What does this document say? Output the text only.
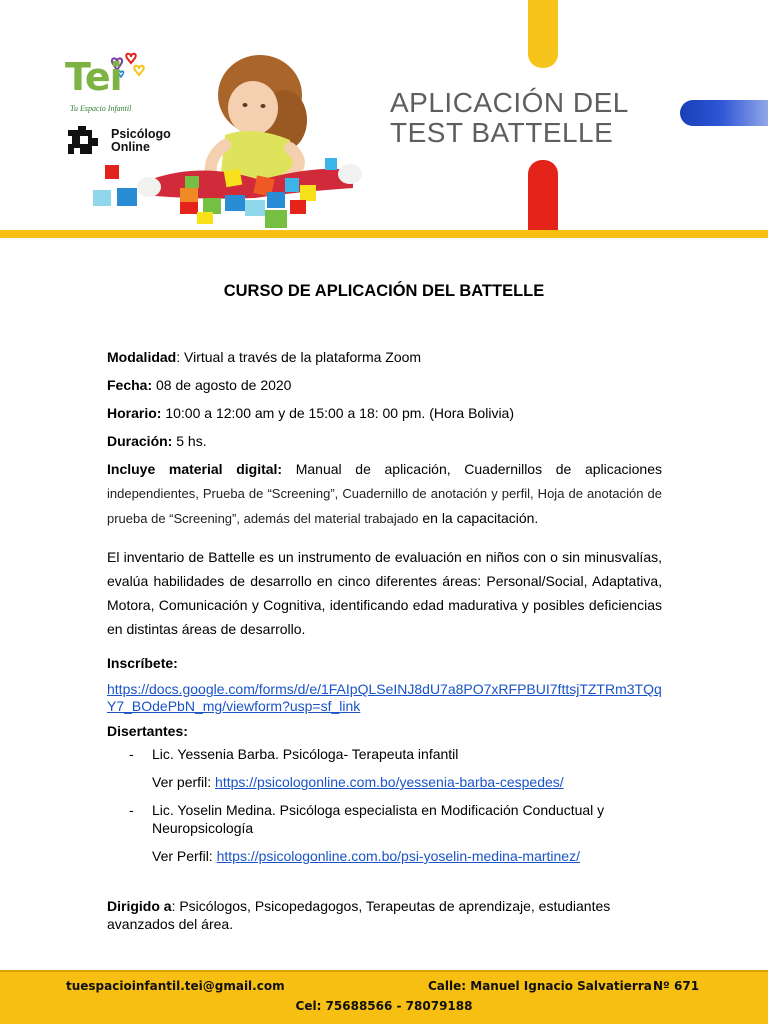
Tei
Tu Espacio Infantil
Psicólogo
Online
APLICACIÓN DEL
TEST BATTELLE
CURSO DE APLICACIÓN DEL BATTELLE

Modalidad: Virtual a través de la plataforma Zoom

Fecha: 08 de agosto de 2020

Horario: 10:00 a 12:00 am y de 15:00 a 18: 00 pm. (Hora Bolivia)

Duración: 5 hs.

Incluye material digital: Manual de aplicación, Cuadernillos de aplicaciones independientes, Prueba de “Screening”, Cuadernillo de anotación y perfil, Hoja de anotación de prueba de “Screening”, además del material trabajado en la capacitación.

El inventario de Battelle es un instrumento de evaluación en niños con o sin minusvalías, evalúa habilidades de desarrollo en cinco diferentes áreas: Personal/Social, Adaptativa, Motora, Comunicación y Cognitiva, identificando edad madurativa y posibles deficiencias en distintas áreas de desarrollo.

Inscríbete:

https://docs.google.com/forms/d/e/1FAIpQLSeINJ8dU7a8PO7xRFPBUI7fttsjTZTRm3TQqY7_BOdePbN_mg/viewform?usp=sf_link

Disertantes:

- Lic. Yessenia Barba. Psicóloga- Terapeuta infantil
Ver perfil: https://psicologonline.com.bo/yessenia-barba-cespedes/
- Lic. Yoselin Medina. Psicóloga especialista en Modificación Conductual y Neuropsicología
Ver Perfil: https://psicologonline.com.bo/psi-yoselin-medina-martinez/

Dirigido a: Psicólogos, Psicopedagogos, Terapeutas de aprendizaje, estudiantes avanzados del área.

tuespacioinfantil.tei@gmail.com	Calle: Manuel Ignacio Salvatierra Nº 671
Cel: 75688566 - 78079188
